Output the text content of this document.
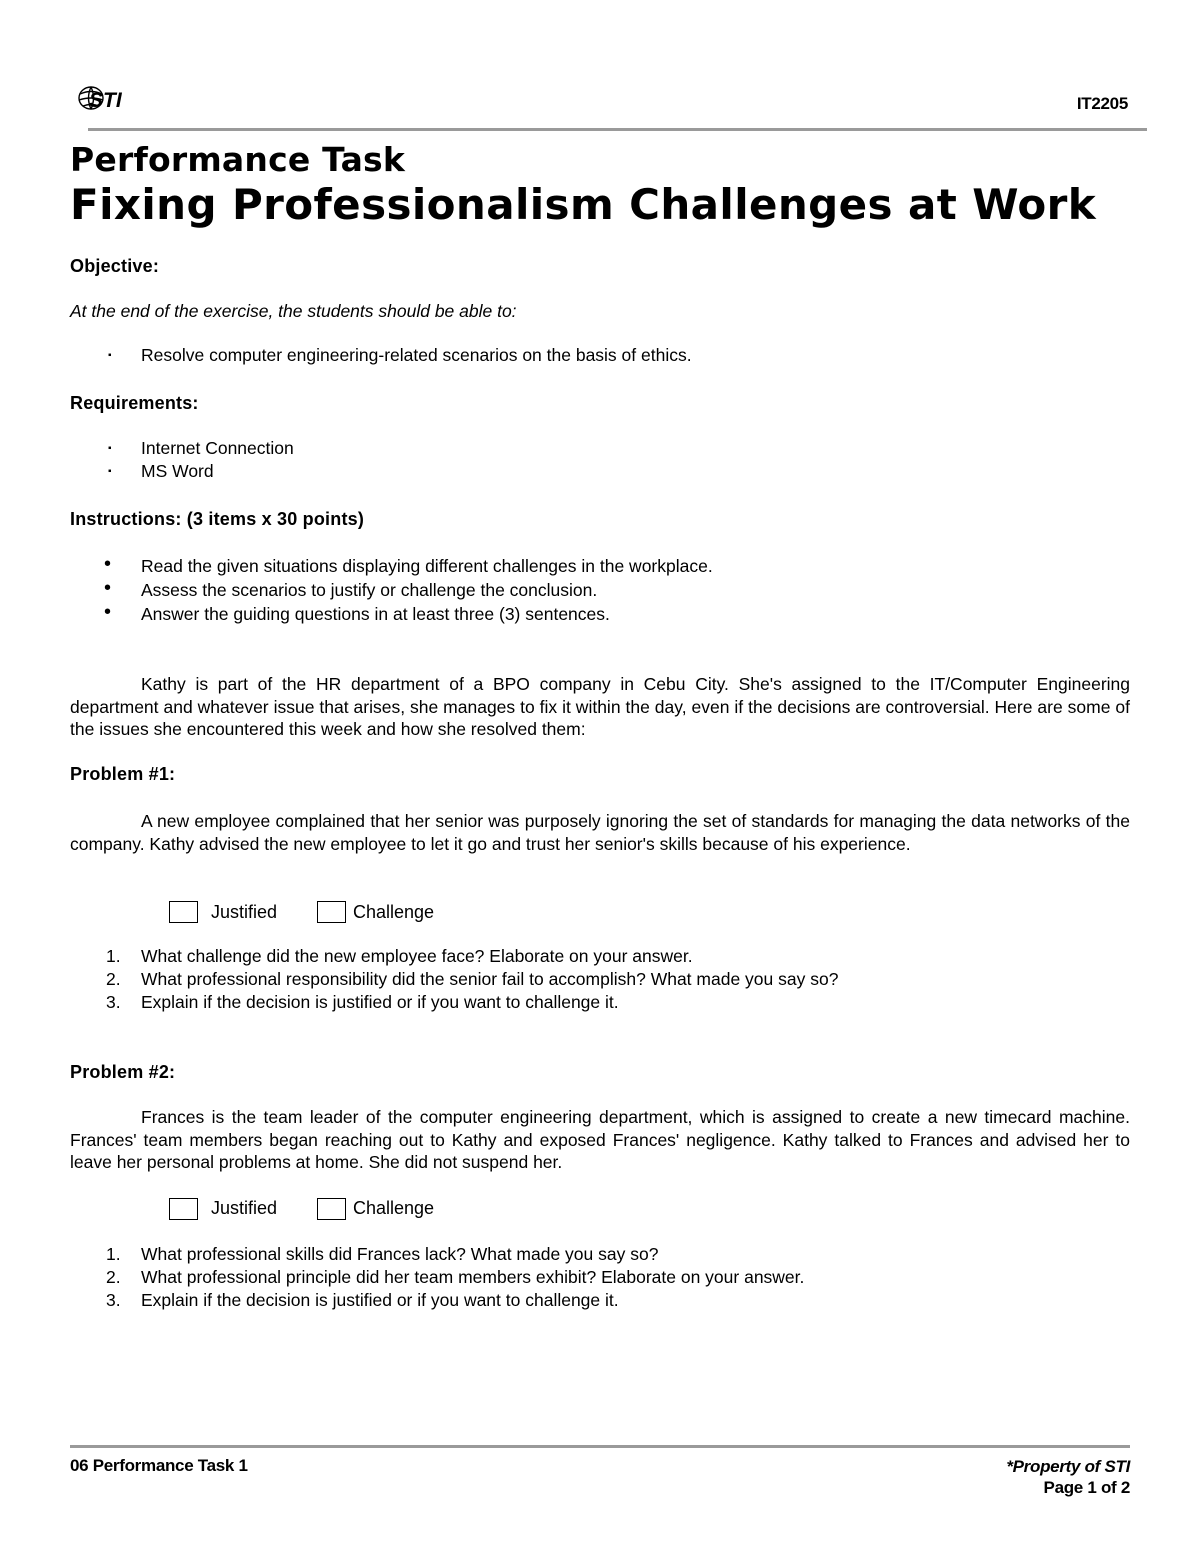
STI	IT2205
Performance Task
Fixing Professionalism Challenges at Work
Objective:
At the end of the exercise, the students should be able to:
▪ Resolve computer engineering-related scenarios on the basis of ethics.
Requirements:
▪ Internet Connection
▪ MS Word
Instructions: (3 items x 30 points)
• Read the given situations displaying different challenges in the workplace.
• Assess the scenarios to justify or challenge the conclusion.
• Answer the guiding questions in at least three (3) sentences.
Kathy is part of the HR department of a BPO company in Cebu City. She's assigned to the IT/Computer Engineering department and whatever issue that arises, she manages to fix it within the day, even if the decisions are controversial. Here are some of the issues she encountered this week and how she resolved them:
Problem #1:
A new employee complained that her senior was purposely ignoring the set of standards for managing the data networks of the company. Kathy advised the new employee to let it go and trust her senior's skills because of his experience.
Justified	Challenge
1. What challenge did the new employee face? Elaborate on your answer.
2. What professional responsibility did the senior fail to accomplish? What made you say so?
3. Explain if the decision is justified or if you want to challenge it.
Problem #2:
Frances is the team leader of the computer engineering department, which is assigned to create a new timecard machine. Frances' team members began reaching out to Kathy and exposed Frances' negligence. Kathy talked to Frances and advised her to leave her personal problems at home. She did not suspend her.
Justified	Challenge
1. What professional skills did Frances lack? What made you say so?
2. What professional principle did her team members exhibit? Elaborate on your answer.
3. Explain if the decision is justified or if you want to challenge it.
06 Performance Task 1	*Property of STI
Page 1 of 2
